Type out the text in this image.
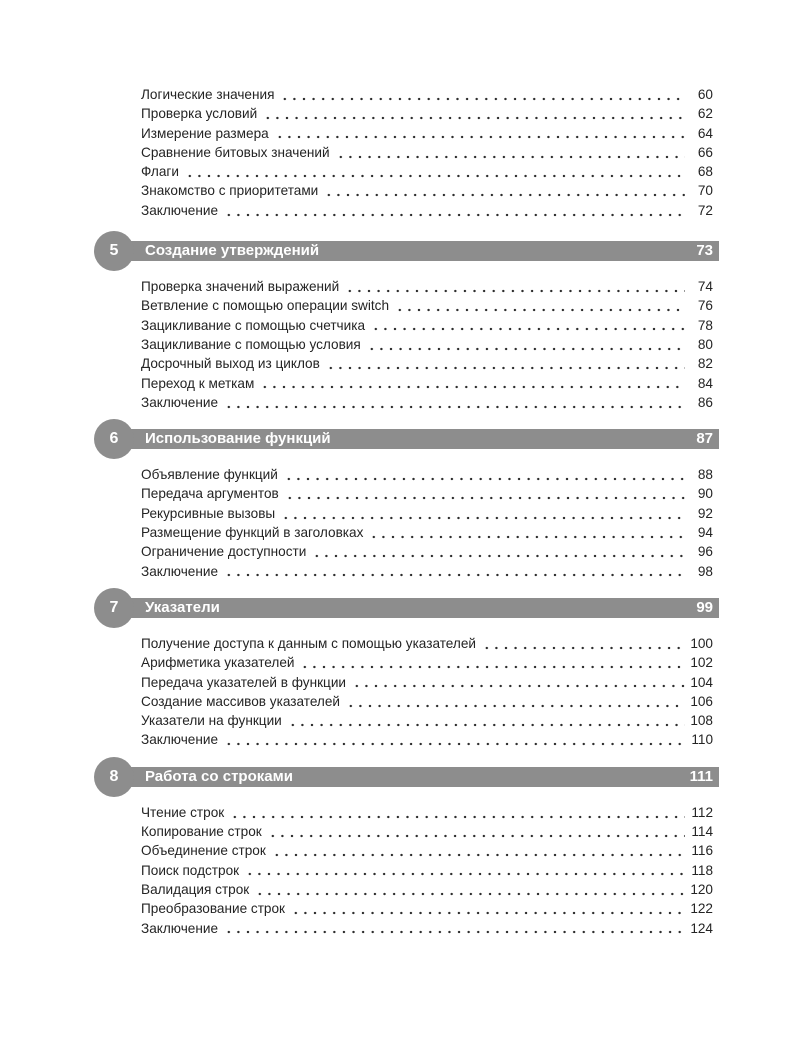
Логические значения	60
Проверка условий	62
Измерение размера	64
Сравнение битовых значений	66
Флаги	68
Знакомство с приоритетами	70
Заключение	72
5	Создание утверждений	73
Проверка значений выражений	74
Ветвление с помощью операции switch	76
Зацикливание с помощью счетчика	78
Зацикливание с помощью условия	80
Досрочный выход из циклов	82
Переход к меткам	84
Заключение	86
6	Использование функций	87
Объявление функций	88
Передача аргументов	90
Рекурсивные вызовы	92
Размещение функций в заголовках	94
Ограничение доступности	96
Заключение	98
7	Указатели	99
Получение доступа к данным с помощью указателей	100
Арифметика указателей	102
Передача указателей в функции	104
Создание массивов указателей	106
Указатели на функции	108
Заключение	110
8	Работа со строками	111
Чтение строк	112
Копирование строк	114
Объединение строк	116
Поиск подстрок	118
Валидация строк	120
Преобразование строк	122
Заключение	124
